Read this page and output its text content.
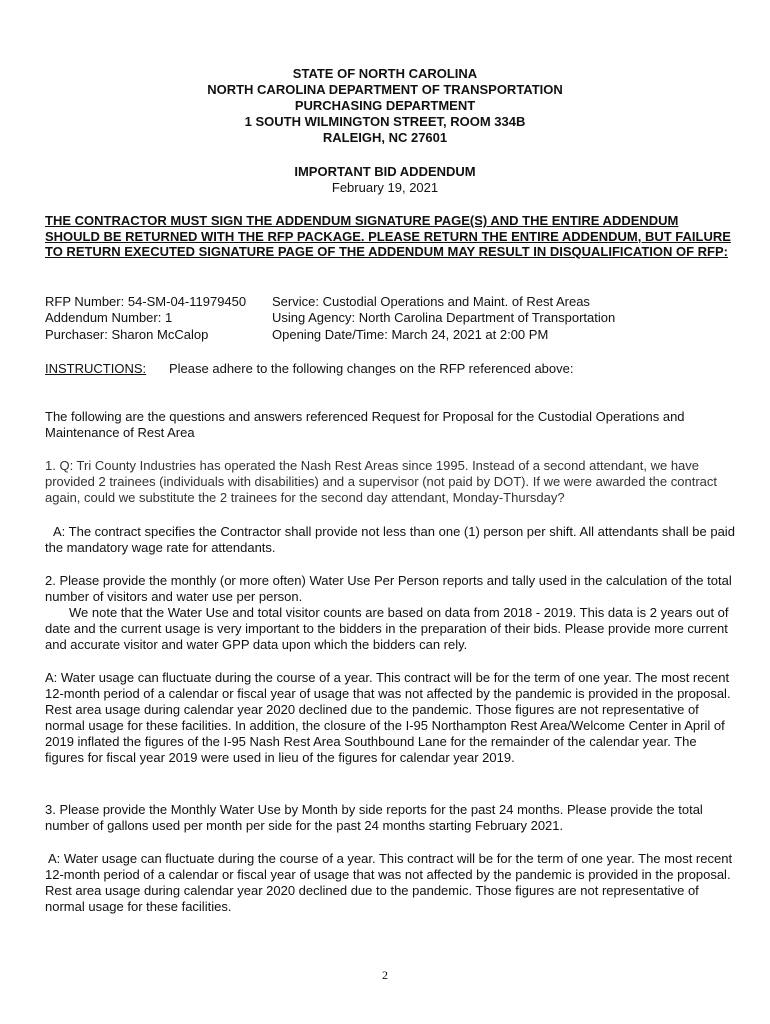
STATE OF NORTH CAROLINA
NORTH CAROLINA DEPARTMENT OF TRANSPORTATION
PURCHASING DEPARTMENT
1 SOUTH WILMINGTON STREET, ROOM 334B
RALEIGH, NC 27601
IMPORTANT BID ADDENDUM
February 19, 2021
THE CONTRACTOR MUST SIGN THE ADDENDUM SIGNATURE PAGE(S) AND THE ENTIRE ADDENDUM SHOULD BE RETURNED WITH THE RFP PACKAGE. PLEASE RETURN THE ENTIRE ADDENDUM, BUT FAILURE TO RETURN EXECUTED SIGNATURE PAGE OF THE ADDENDUM MAY RESULT IN DISQUALIFICATION OF RFP:
RFP Number: 54-SM-04-11979450
Addendum Number: 1
Purchaser: Sharon McCalop
Service: Custodial Operations and Maint. of Rest Areas
Using Agency: North Carolina Department of Transportation
Opening Date/Time: March 24, 2021 at 2:00 PM
INSTRUCTIONS: Please adhere to the following changes on the RFP referenced above:
The following are the questions and answers referenced Request for Proposal for the Custodial Operations and Maintenance of Rest Area
1. Q: Tri County Industries has operated the Nash Rest Areas since 1995. Instead of a second attendant, we have provided 2 trainees (individuals with disabilities) and a supervisor (not paid by DOT). If we were awarded the contract again, could we substitute the 2 trainees for the second day attendant, Monday-Thursday?
A: The contract specifies the Contractor shall provide not less than one (1) person per shift. All attendants shall be paid the mandatory wage rate for attendants.
2. Please provide the monthly (or more often) Water Use Per Person reports and tally used in the calculation of the total number of visitors and water use per person.
We note that the Water Use and total visitor counts are based on data from 2018 - 2019. This data is 2 years out of date and the current usage is very important to the bidders in the preparation of their bids. Please provide more current and accurate visitor and water GPP data upon which the bidders can rely.
A: Water usage can fluctuate during the course of a year. This contract will be for the term of one year. The most recent 12-month period of a calendar or fiscal year of usage that was not affected by the pandemic is provided in the proposal. Rest area usage during calendar year 2020 declined due to the pandemic. Those figures are not representative of normal usage for these facilities. In addition, the closure of the I-95 Northampton Rest Area/Welcome Center in April of 2019 inflated the figures of the I-95 Nash Rest Area Southbound Lane for the remainder of the calendar year. The figures for fiscal year 2019 were used in lieu of the figures for calendar year 2019.
3. Please provide the Monthly Water Use by Month by side reports for the past 24 months. Please provide the total number of gallons used per month per side for the past 24 months starting February 2021.
A: Water usage can fluctuate during the course of a year. This contract will be for the term of one year. The most recent 12-month period of a calendar or fiscal year of usage that was not affected by the pandemic is provided in the proposal. Rest area usage during calendar year 2020 declined due to the pandemic. Those figures are not representative of normal usage for these facilities.
2
